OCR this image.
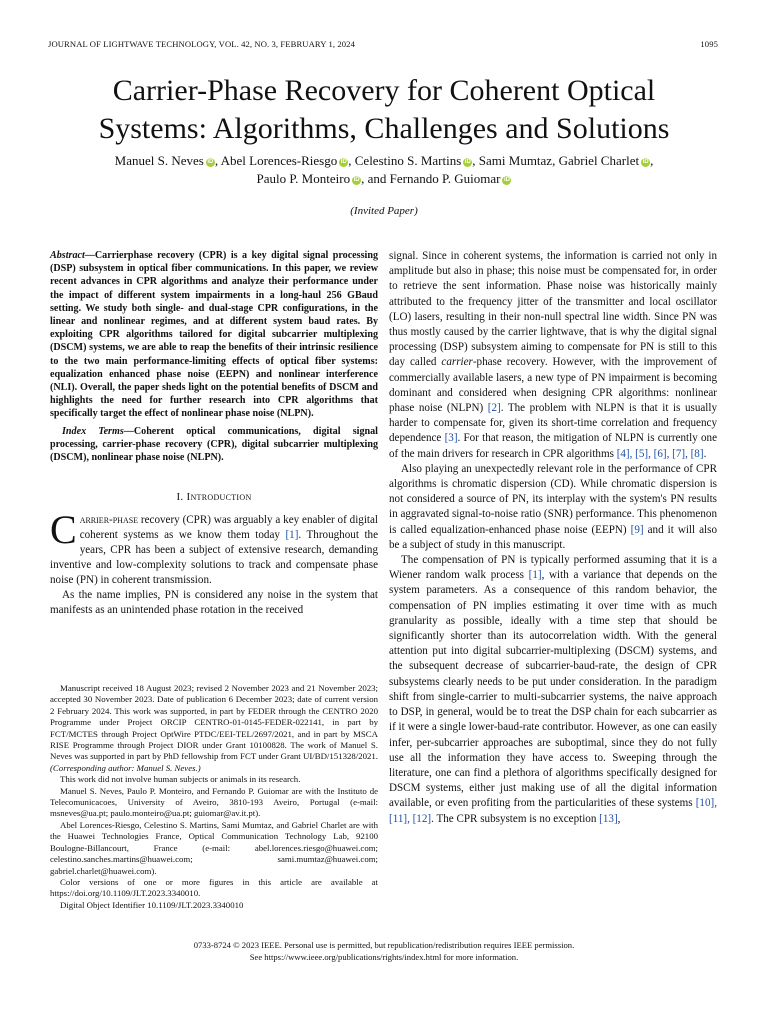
JOURNAL OF LIGHTWAVE TECHNOLOGY, VOL. 42, NO. 3, FEBRUARY 1, 2024	1095
Carrier-Phase Recovery for Coherent Optical
Systems: Algorithms, Challenges and Solutions
Manuel S. Neves iD , Abel Lorences-Riesgo iD , Celestino S. Martins iD , Sami Mumtaz, Gabriel Charlet iD ,
Paulo P. Monteiro iD , and Fernando P. Guiomar iD
(Invited Paper)
Abstract—Carrierphase recovery (CPR) is a key digital signal processing (DSP) subsystem in optical fiber communications. In this paper, we review recent advances in CPR algorithms and analyze their performance under the impact of different system impairments in a long-haul 256 GBaud setting. We study both single- and dual-stage CPR configurations, in the linear and nonlinear regimes, and at different system baud rates. By exploiting CPR algorithms tailored for digital subcarrier multiplexing (DSCM) systems, we are able to reap the benefits of their intrinsic resilience to the two main performance-limiting effects of optical fiber systems: equalization enhanced phase noise (EEPN) and nonlinear interference (NLI). Overall, the paper sheds light on the potential benefits of DSCM and highlights the need for further research into CPR algorithms that specifically target the effect of nonlinear phase noise (NLPN).
Index Terms—Coherent optical communications, digital signal processing, carrier-phase recovery (CPR), digital subcarrier multiplexing (DSCM), nonlinear phase noise (NLPN).
I. Introduction

Carrier-phase recovery (CPR) was arguably a key enabler of digital coherent systems as we know them today [1]. Throughout the years, CPR has been a subject of extensive research, demanding inventive and low-complexity solutions to track and compensate phase noise (PN) in coherent transmission.

As the name implies, PN is considered any noise in the system that manifests as an unintended phase rotation in the received

Manuscript received 18 August 2023; revised 2 November 2023 and 21 November 2023; accepted 30 November 2023. Date of publication 6 December 2023; date of current version 2 February 2024. This work was supported, in part by FEDER through the CENTRO 2020 Programme under Project ORCIP CENTRO-01-0145-FEDER-022141, in part by FCT/MCTES through Project OptWire PTDC/EEI-TEL/2697/2021, and in part by MSCA RISE Programme through Project DIOR under Grant 10100828. The work of Manuel S. Neves was supported in part by PhD fellowship from FCT under Grant UI/BD/151328/2021. (Corresponding author: Manuel S. Neves.)

This work did not involve human subjects or animals in its research.

Manuel S. Neves, Paulo P. Monteiro, and Fernando P. Guiomar are with the Instituto de Telecomunicacoes, University of Aveiro, 3810-193 Aveiro, Portugal (e-mail: msneves@ua.pt; paulo.monteiro@ua.pt; guiomar@av.it.pt).

Abel Lorences-Riesgo, Celestino S. Martins, Sami Mumtaz, and Gabriel Charlet are with the Huawei Technologies France, Optical Communication Technology Lab, 92100 Boulogne-Billancourt, France (e-mail: abel.lorences.riesgo@huawei.com; celestino.sanches.martins@huawei.com; sami.mumtaz@huawei.com; gabriel.charlet@huawei.com).

Color versions of one or more figures in this article are available at https://doi.org/10.1109/JLT.2023.3340010.

Digital Object Identifier 10.1109/JLT.2023.3340010

signal. Since in coherent systems, the information is carried not only in amplitude but also in phase; this noise must be compensated for, in order to retrieve the sent information. Phase noise was historically mainly attributed to the frequency jitter of the transmitter and local oscillator (LO) lasers, resulting in their non-null spectral line width. Since PN was thus mostly caused by the carrier lightwave, that is why the digital signal processing (DSP) subsystem aiming to compensate for PN is still to this day called carrier-phase recovery. However, with the improvement of commercially available lasers, a new type of PN impairment is becoming dominant and considered when designing CPR algorithms: nonlinear phase noise (NLPN) [2]. The problem with NLPN is that it is usually harder to compensate for, given its short-time correlation and frequency dependence [3]. For that reason, the mitigation of NLPN is currently one of the main drivers for research in CPR algorithms [4], [5], [6], [7], [8].

Also playing an unexpectedly relevant role in the performance of CPR algorithms is chromatic dispersion (CD). While chromatic dispersion is not considered a source of PN, its interplay with the system's PN results in aggravated signal-to-noise ratio (SNR) performance. This phenomenon is called equalization-enhanced phase noise (EEPN) [9] and it will also be a subject of study in this manuscript.

The compensation of PN is typically performed assuming that it is a Wiener random walk process [1], with a variance that depends on the system parameters. As a consequence of this random behavior, the compensation of PN implies estimating it over time with as much granularity as possible, ideally with a time step that should be significantly shorter than its autocorrelation width. With the general attention put into digital subcarrier-multiplexing (DSCM) systems, and the subsequent decrease of subcarrier-baud-rate, the design of CPR subsystems clearly needs to be put under consideration. In the paradigm shift from single-carrier to multi-subcarrier systems, the naive approach to DSP, in general, would be to treat the DSP chain for each subcarrier as if it were a single lower-baud-rate contributor. However, as one can easily infer, per-subcarrier approaches are suboptimal, since they do not fully use all the information they have access to. Sweeping through the literature, one can find a plethora of algorithms specifically designed for DSCM systems, either just making use of all the digital information available, or even profiting from the particularities of these systems [10], [11], [12]. The CPR subsystem is no exception [13],

0733-8724 © 2023 IEEE. Personal use is permitted, but republication/redistribution requires IEEE permission.
See https://www.ieee.org/publications/rights/index.html for more information.
